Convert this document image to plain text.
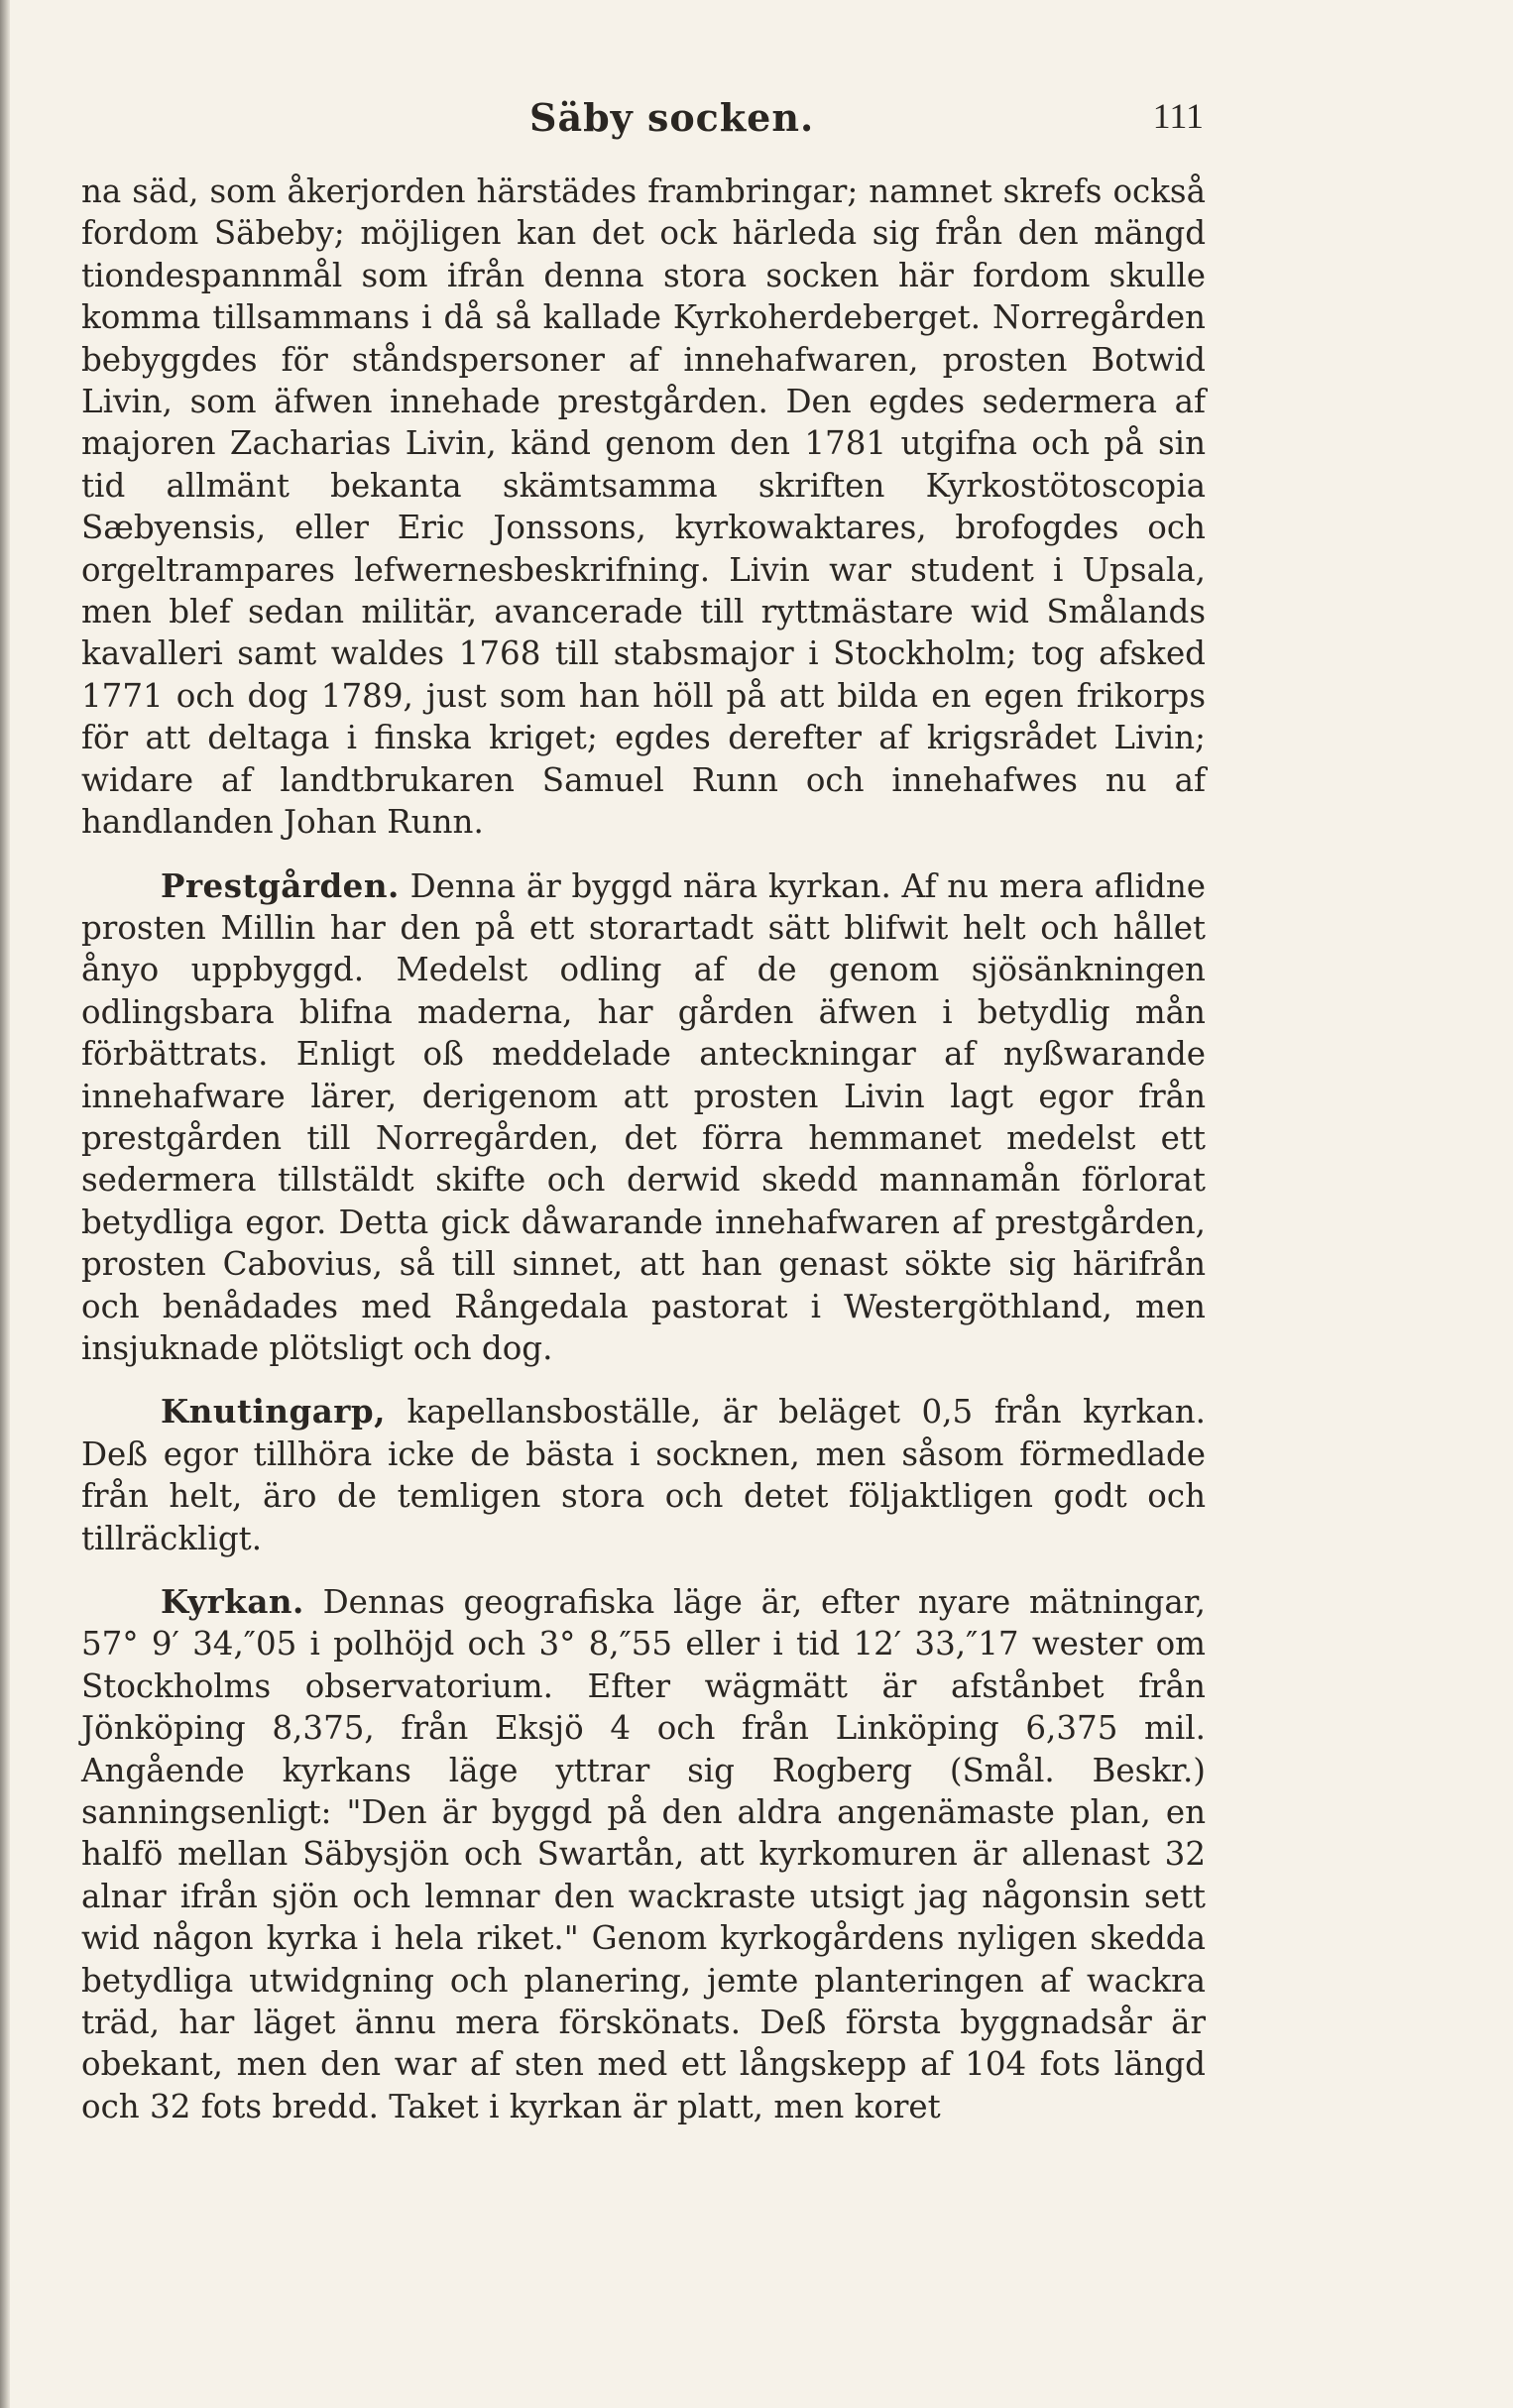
Säby socken.	111

na säd, som åkerjorden härstädes frambringar; namnet skrefs också fordom Säbeby; möjligen kan det ock härleda sig från den mängd tiondespannmål som ifrån denna stora socken här fordom skulle komma tillsammans i då så kallade Kyrkoherdeberget. Norregården bebyggdes för ståndspersoner af innehafwaren, prosten Botwid Livin, som äfwen innehade prestgården. Den egdes sedermera af majoren Zacharias Livin, känd genom den 1781 utgifna och på sin tid allmänt bekanta skämtsamma skriften Kyrkostötoscopia Sæbyensis, eller Eric Jonssons, kyrkowaktares, brofogdes och orgeltrampares lefwernesbeskrifning. Livin war student i Upsala, men blef sedan militär, avancerade till ryttmästare wid Smålands kavalleri samt waldes 1768 till stabsmajor i Stockholm; tog afsked 1771 och dog 1789, just som han höll på att bilda en egen frikorps för att deltaga i finska kriget; egdes derefter af krigsrådet Livin; widare af landtbrukaren Samuel Runn och innehafwes nu af handlanden Johan Runn.

Prestgården. Denna är byggd nära kyrkan. Af nu mera aflidne prosten Millin har den på ett storartadt sätt blifwit helt och hållet ånyo uppbyggd. Medelst odling af de genom sjösänkningen odlingsbara blifna maderna, har gården äfwen i betydlig mån förbättrats. Enligt oß meddelade anteckningar af nyßwarande innehafware lärer, derigenom att prosten Livin lagt egor från prestgården till Norregården, det förra hemmanet medelst ett sedermera tillstäldt skifte och derwid skedd mannamån förlorat betydliga egor. Detta gick dåwarande innehafwaren af prestgården, prosten Cabovius, så till sinnet, att han genast sökte sig härifrån och benådades med Rångedala pastorat i Westergöthland, men insjuknade plötsligt och dog.

Knutingarp, kapellansboställe, är beläget 0,5 från kyrkan. Deß egor tillhöra icke de bästa i socknen, men såsom förmedlade från helt, äro de temligen stora och detet följaktligen godt och tillräckligt.

Kyrkan. Dennas geografiska läge är, efter nyare mätningar, 57° 9′ 34,″05 i polhöjd och 3° 8,″55 eller i tid 12′ 33,″17 wester om Stockholms observatorium. Efter wägmätt är afstånbet från Jönköping 8,375, från Eksjö 4 och från Linköping 6,375 mil. Angående kyrkans läge yttrar sig Rogberg (Smål. Beskr.) sanningsenligt: "Den är byggd på den aldra angenämaste plan, en halfö mellan Säbysjön och Swartån, att kyrkomuren är allenast 32 alnar ifrån sjön och lemnar den wackraste utsigt jag någonsin sett wid någon kyrka i hela riket." Genom kyrkogårdens nyligen skedda betydliga utwidgning och planering, jemte planteringen af wackra träd, har läget ännu mera förskönats. Deß första byggnadsår är obekant, men den war af sten med ett långskepp af 104 fots längd och 32 fots bredd. Taket i kyrkan är platt, men koret
